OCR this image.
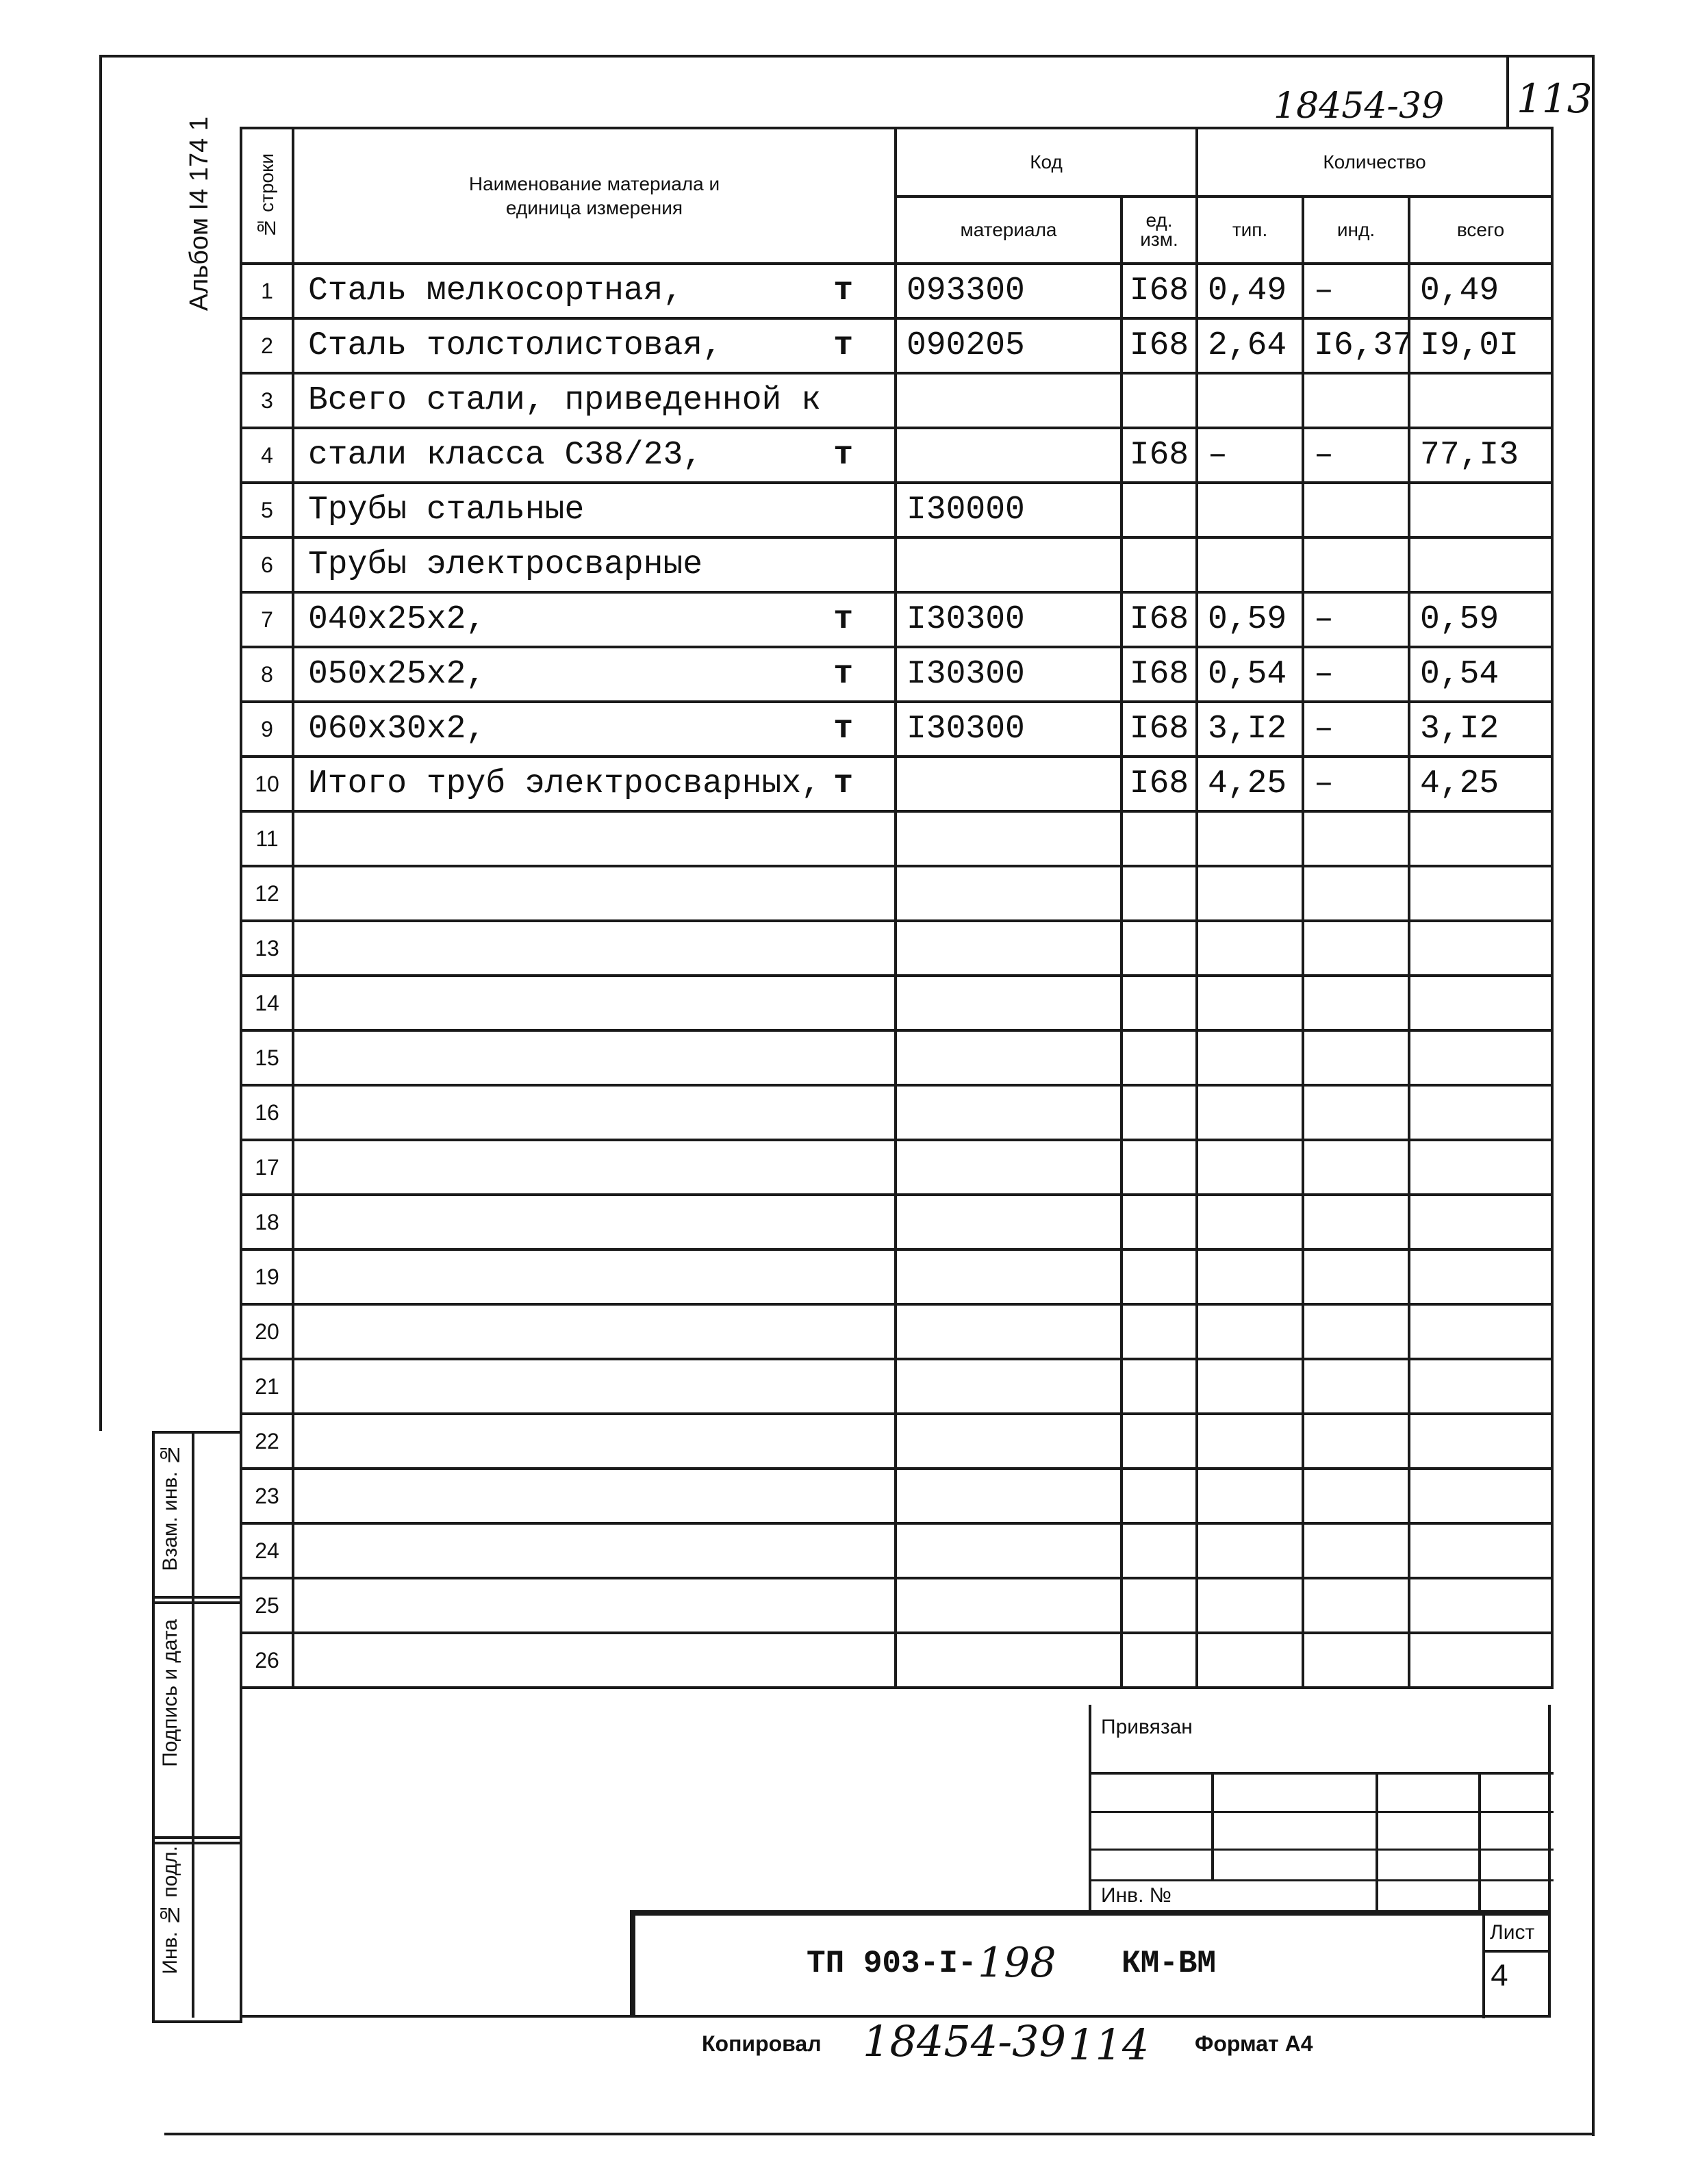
18454-39 113
Альбом I4 174 1 № строки	Наименование материала и единица измерения	Код		Количество		
		материала	ед. изм.	тип.	инд.	всего
1	Сталь мелкосортная, т	093300	I68	0,49	–	0,49
2	Сталь толстолистовая, т	090205	I68	2,64	I6,37	I9,0I
3	Всего стали, приведенной к

4	стали класса С38/23, т		I68	–	–	77,I3
5	Трубы стальные	I30000				
6	Трубы электросварные

7	040x25x2, т	I30300	I68	0,59	–	0,59
8	050x25x2, т	I30300	I68	0,54	–	0,54
9	060x30x2, т	I30300	I68	3,I2	–	3,I2
10	Итого труб электросварных, т		I68	4,25	–	4,25
11	

12	

13	

14	

15	

16	

17	

18	

19	

20	

21	

22	

23	

24	

25	

26	

Взам. инв. №
Подпись и дата
Инв. № подл.
Привязан
Инв. №
ТП 903-I- 198 КМ-ВМ
Лист
4
Копировал 18454-39 114 Формат А4
